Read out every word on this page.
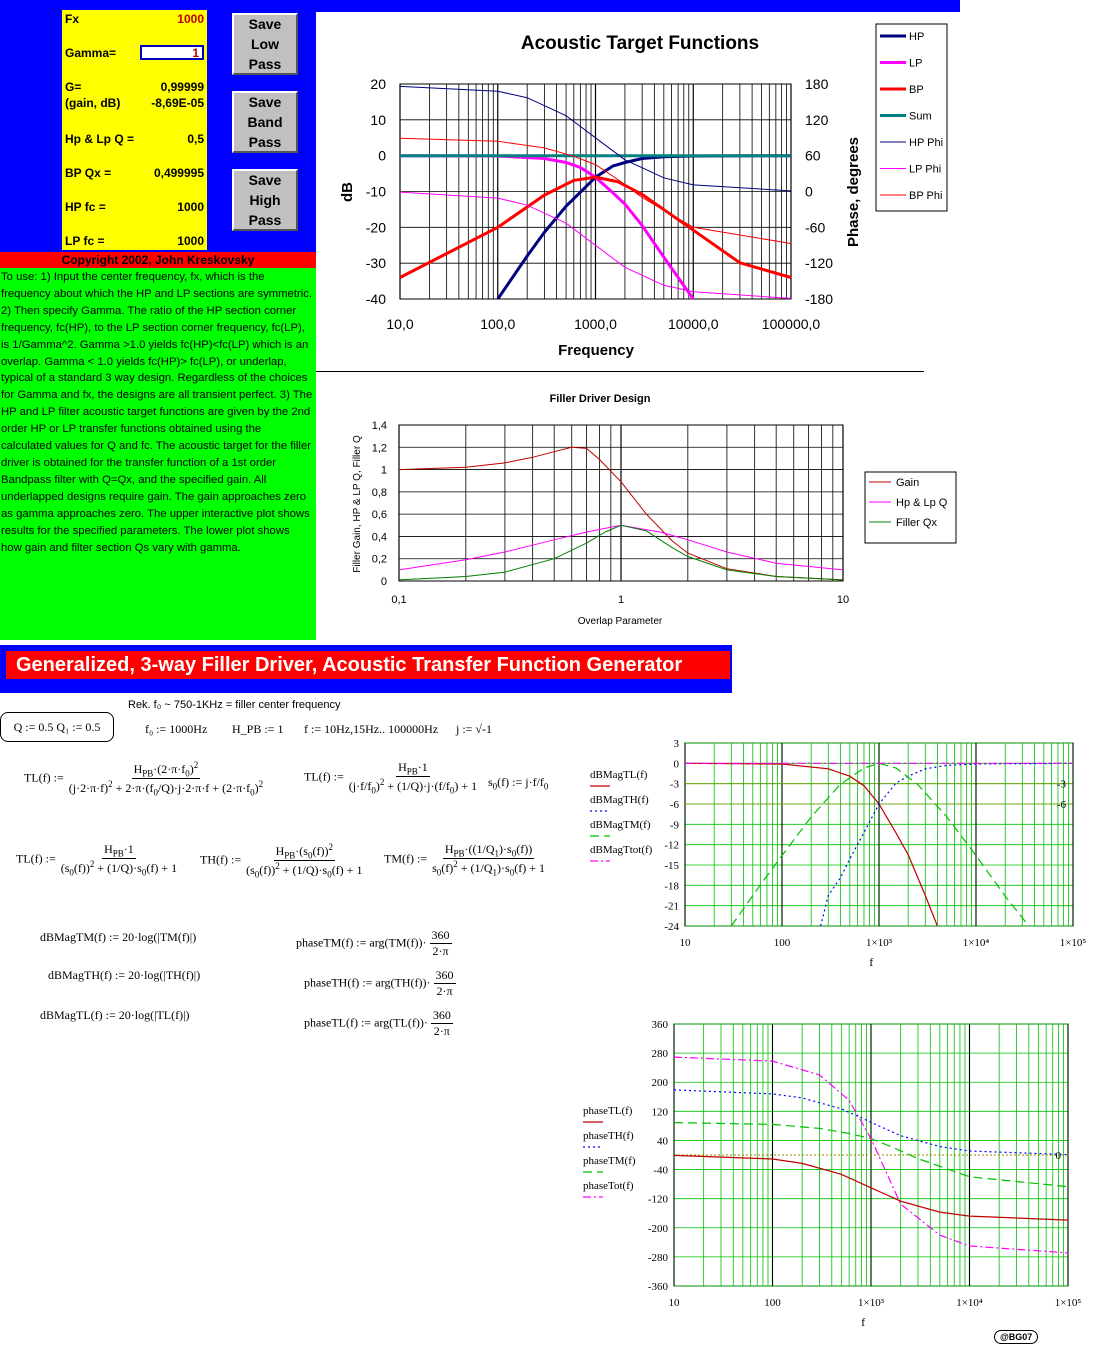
Fx	1000
Gamma=	1
G=	0,99999
(gain, dB)	-8,69E-05
Hp & Lp Q =	0,5
BP Qx =	0,499995
HP fc =	1000
LP fc =	1000
Save
Low
Pass
Save
Band
Pass
Save
High
Pass
Copyright 2002, John Kreskovsky
To use: 1) Input the center frequency, fx, which is the frequency about which the HP and LP sections are symmetric. 2) Then specify Gamma. The ratio of the HP section corner frequency, fc(HP), to the LP section corner frequency, fc(LP), is 1/Gamma^2. Gamma >1.0 yields fc(HP)<fc(LP) which is an overlap. Gamma < 1.0 yields fc(HP)> fc(LP), or underlap, typical of a standard 3 way design. Regardless of the choices for Gamma and fx, the designs are all transient perfect. 3) The HP and LP filter acoustic target functions are given by the 2nd order HP or LP transfer functions obtained using the calculated values for Q and fc. The acoustic target for the filler driver is obtained for the transfer function of a 1st order Bandpass filter with Q=Qx, and the specified gain. All underlapped designs require gain. The gain approaches zero as gamma approaches zero. The upper interactive plot shows results for the specified parameters. The lower plot shows how gain and filter section Qs vary with gamma.
Acoustic Target Functions
20	180
10	120
0	60
-10	0
-20	-60
-30	-120
-40	-180
10,0	100,0	1000,0	10000,0	100000,0
Frequency
dB	Phase, degrees
HP
LP
BP
Sum
HP Phi
LP Phi
BP Phi
Filler Driver Design
1,4
1,2
1
0,8
0,6
0,4
0,2
0
0,1	1	10
Overlap Parameter
Filler Gain, HP & LP Q, Filler Q	Gain
Hp & Lp Q
Filler Qx
Generalized, 3-way Filler Driver, Acoustic Transfer Function Generator
Rek. f₀ ~ 750-1KHz = filler center frequency
Q := 0.5 Q₁ := 0.5	f₀ := 1000Hz H_PB := 1 f := 10Hz,15Hz.. 100000Hz j := √-1
TL(f) := $\frac{H_{PB}\cdot(2\cdot\pi\cdot f_0)^2}{(j\cdot 2\cdot\pi\cdot f)^2 + 2\cdot\pi\cdot(f_0/Q)\cdot j\cdot 2\cdot\pi\cdot f + (2\cdot\pi\cdot f_0)^2}$	TL(f) := $\frac{H_{PB}\cdot 1}{(j\cdot f/f_0)^2 + (1/Q)\cdot j\cdot(f/f_0) + 1} s_0(f)$ := $j\cdot f/f_0$
TL(f) := $\frac{H_{PB}\cdot 1}{(s_0(f))^2 + (1/Q)\cdot s_0(f) + 1} TH(f)$ := $\frac{H_{PB}\cdot(s_0(f))^2}{(s_0(f))^2 + (1/Q)\cdot s_0(f) + 1} TM(f)$ := $\frac{H_{PB}\cdot((1/Q_1)\cdot s_0(f))}{s_0(f)^2 + (1/Q_1)\cdot s_0(f) + 1}$
dBMagTM(f) := 20·log(|TM(f)|)
dBMagTH(f) := 20·log(|TH(f)|)
dBMagTL(f) := 20·log(|TL(f)|)
phaseTM(f) := $arg(TM(f))\cdot \frac{360}{2\cdot\pi}$
phaseTH(f) := $arg(TH(f))\cdot \frac{360}{2\cdot\pi}$
phaseTL(f) := $arg(TL(f))\cdot \frac{360}{2\cdot\pi}$
3
0
-3
-6
-9
-12
-15
-18
-21
-24
10	100	1×10³	1×10⁴	1×10⁵
f
-3
-6
dBMagTL(f)
dBMagTH(f)
dBMagTM(f)
dBMagTtot(f)
360
280
200
120
40
-40
-120
-200
-280
-360
10	100	1×10³	1×10⁴	1×10⁵
f
0
phaseTL(f)
phaseTH(f)
phaseTM(f)
phaseTot(f)
@BG07
